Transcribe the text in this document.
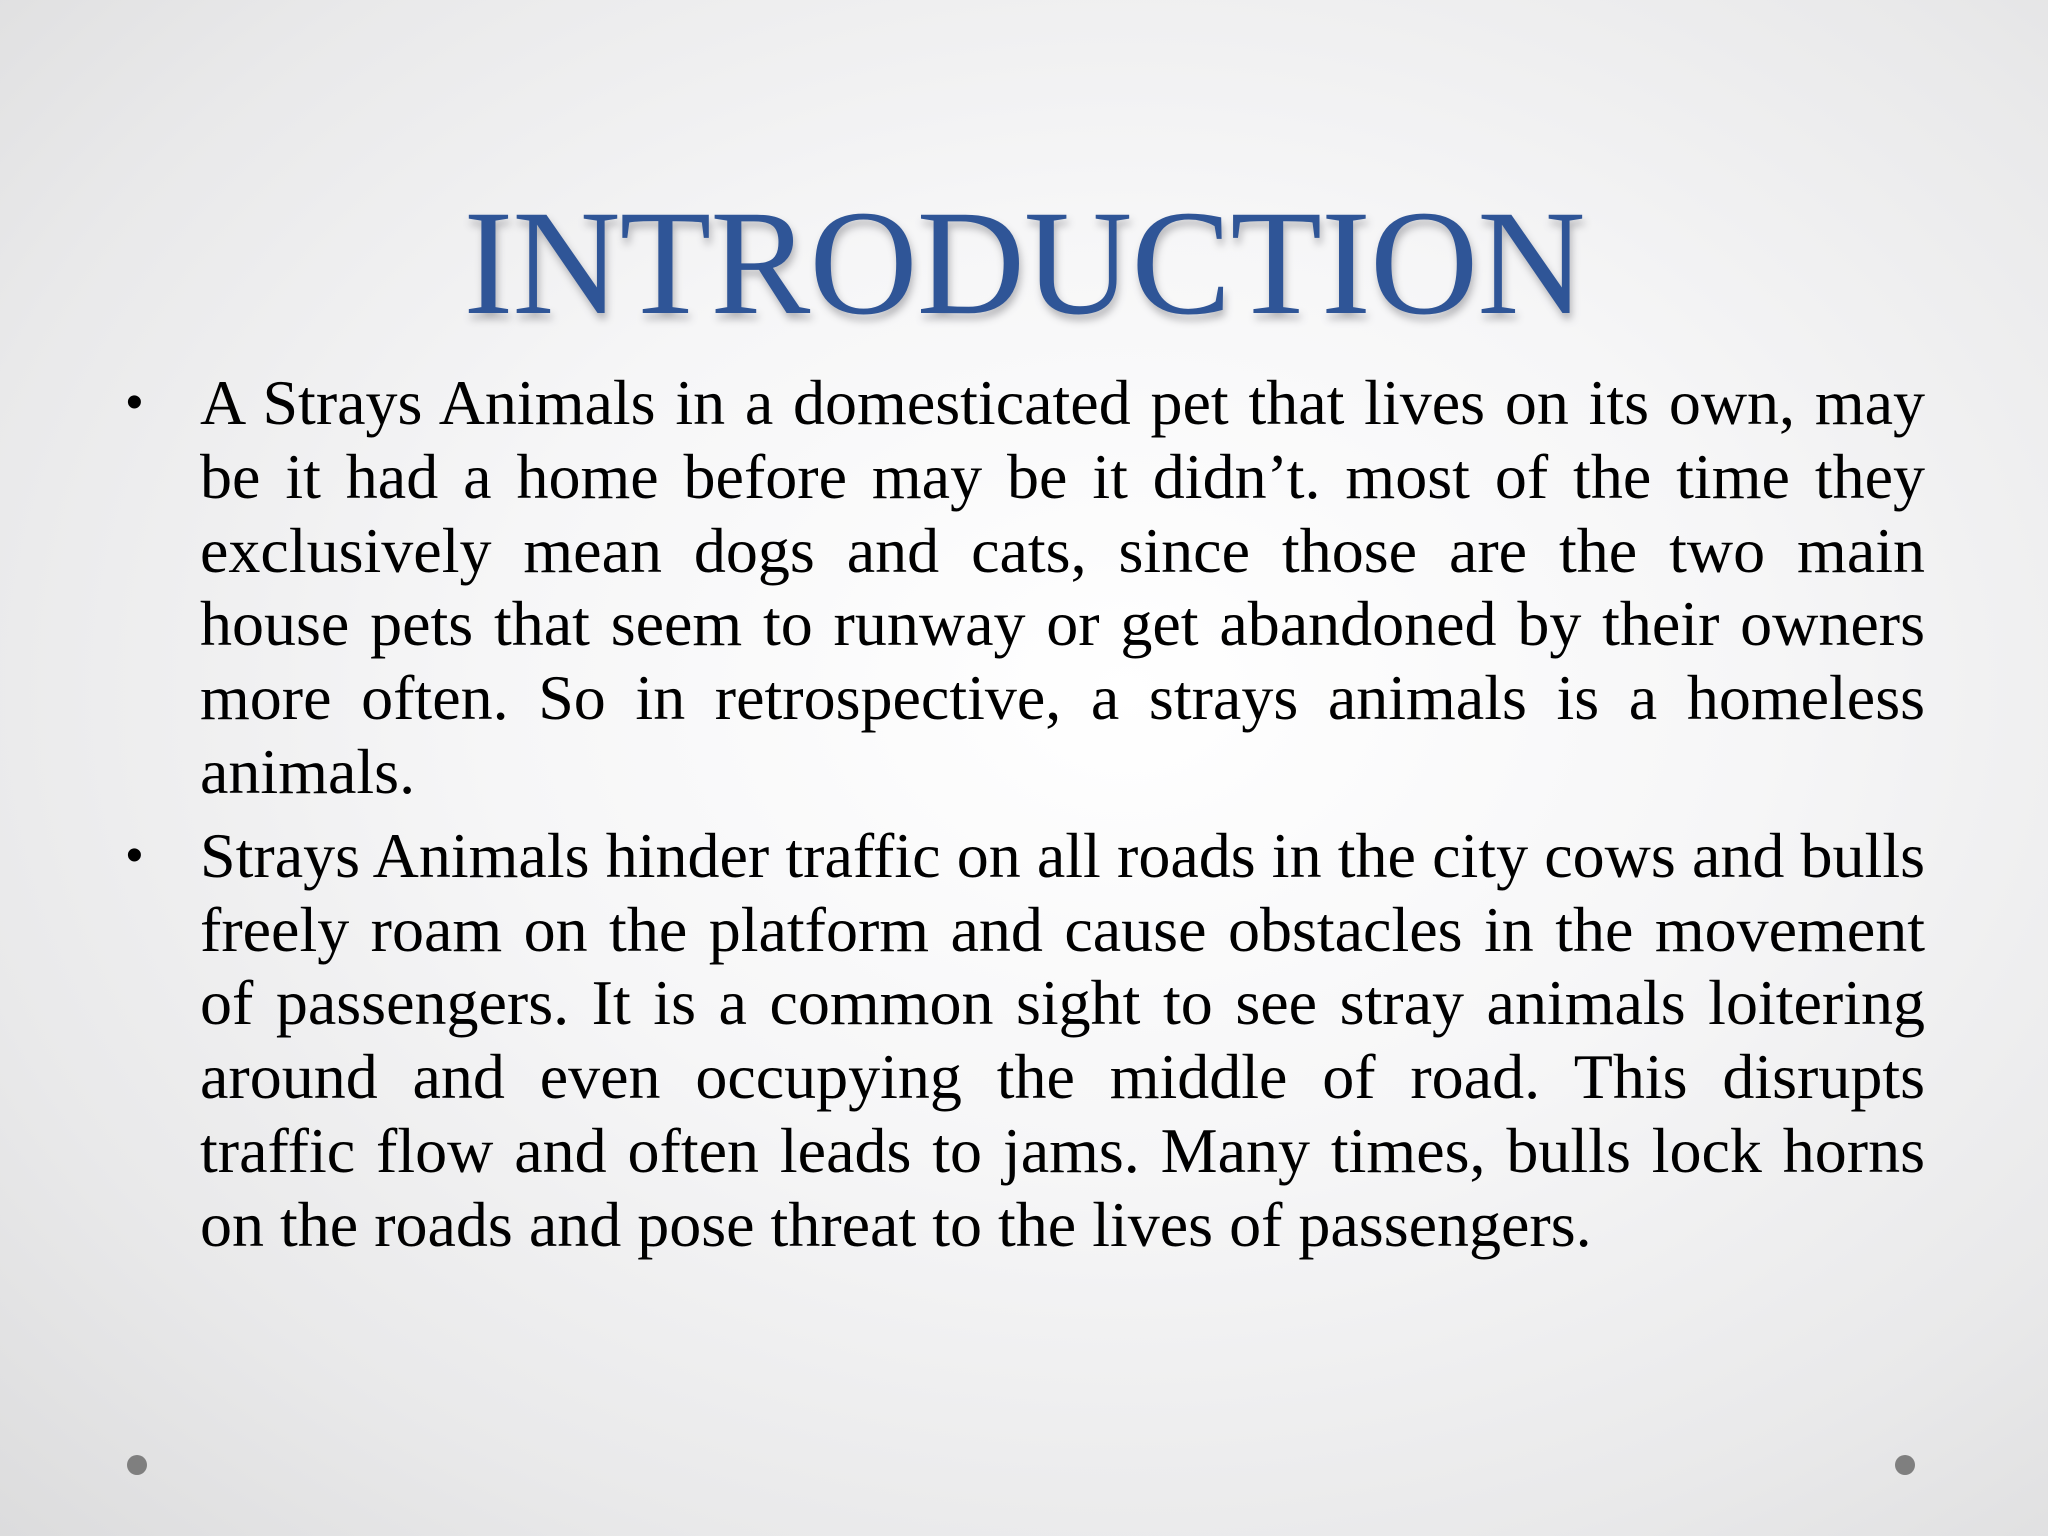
INTRODUCTION
• A Strays Animals in a domesticated pet that lives on its own, may be it had a home before may be it didn’t. most of the time they exclusively mean dogs and cats, since those are the two main house pets that seem to runway or get abandoned by their owners more often. So in retrospective, a strays animals is a homeless animals.
• Strays Animals hinder traffic on all roads in the city cows and bulls freely roam on the platform and cause obstacles in the movement of passengers. It is a common sight to see stray animals loitering around and even occupying the middle of road. This disrupts traffic flow and often leads to jams. Many times, bulls lock horns on the roads and pose threat to the lives of passengers.
